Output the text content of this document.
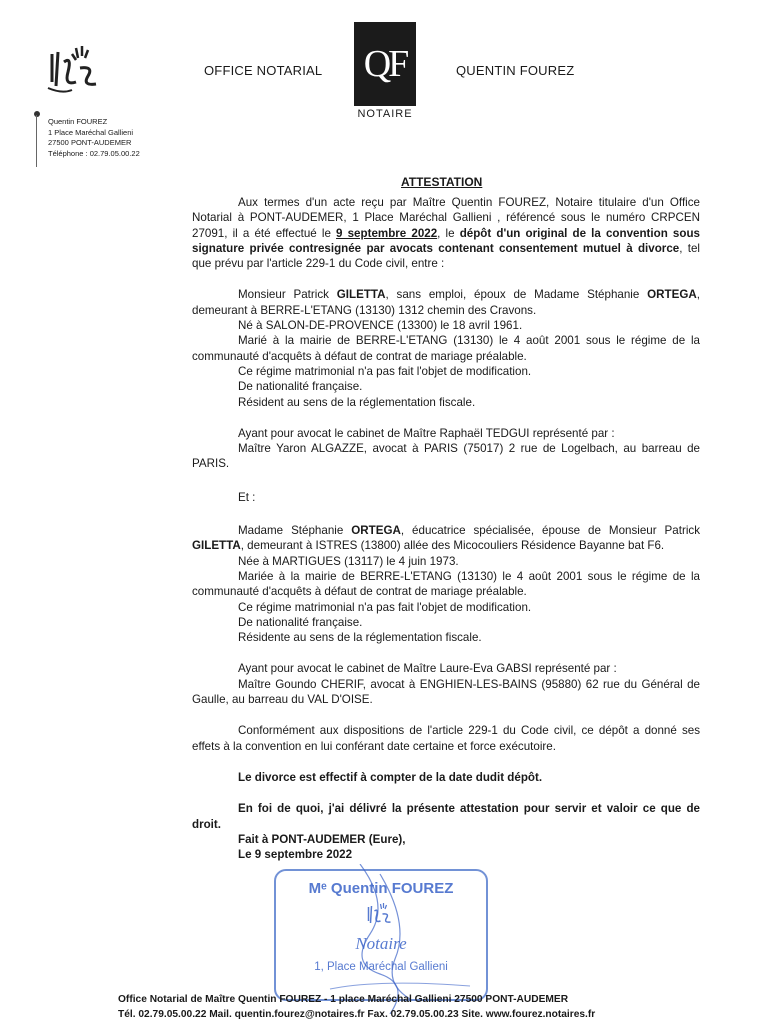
OFFICE NOTARIAL QF
NOTAIRE
QUENTIN FOUREZ
Quentin FOUREZ
1 Place Maréchal Gallieni
27500 PONT-AUDEMER
Téléphone : 02.79.05.00.22
ATTESTATION

Aux termes d'un acte reçu par Maître Quentin FOUREZ, Notaire titulaire d'un Office Notarial à PONT-AUDEMER, 1 Place Maréchal Gallieni , référencé sous le numéro CRPCEN 27091, il a été effectué le 9 septembre 2022, le dépôt d'un original de la convention sous signature privée contresignée par avocats contenant consentement mutuel à divorce, tel que prévu par l'article 229-1 du Code civil, entre :

Monsieur Patrick GILETTA, sans emploi, époux de Madame Stéphanie ORTEGA, demeurant à BERRE-L'ETANG (13130) 1312 chemin des Cravons.

Né à SALON-DE-PROVENCE (13300) le 18 avril 1961.

Marié à la mairie de BERRE-L'ETANG (13130) le 4 août 2001 sous le régime de la communauté d'acquêts à défaut de contrat de mariage préalable.

Ce régime matrimonial n'a pas fait l'objet de modification.

De nationalité française.

Résident au sens de la réglementation fiscale.

Ayant pour avocat le cabinet de Maître Raphaël TEDGUI représenté par :

Maître Yaron ALGAZZE, avocat à PARIS (75017) 2 rue de Logelbach, au barreau de PARIS.

Et :

Madame Stéphanie ORTEGA, éducatrice spécialisée, épouse de Monsieur Patrick GILETTA, demeurant à ISTRES (13800) allée des Micocouliers Résidence Bayanne bat F6.

Née à MARTIGUES (13117) le 4 juin 1973.

Mariée à la mairie de BERRE-L'ETANG (13130) le 4 août 2001 sous le régime de la communauté d'acquêts à défaut de contrat de mariage préalable.

Ce régime matrimonial n'a pas fait l'objet de modification.

De nationalité française.

Résidente au sens de la réglementation fiscale.

Ayant pour avocat le cabinet de Maître Laure-Eva GABSI représenté par :

Maître Goundo CHERIF, avocat à ENGHIEN-LES-BAINS (95880) 62 rue du Général de Gaulle, au barreau du VAL D'OISE.

Conformément aux dispositions de l'article 229-1 du Code civil, ce dépôt a donné ses effets à la convention en lui conférant date certaine et force exécutoire.

Le divorce est effectif à compter de la date dudit dépôt.

En foi de quoi, j'ai délivré la présente attestation pour servir et valoir ce que de droit.

Fait à PONT-AUDEMER (Eure),

Le 9 septembre 2022

Mᵉ Quentin FOUREZ
Notaire
1, Place Maréchal Gallieni
Office Notarial de Maître Quentin FOUREZ - 1 place Maréchal Gallieni 27500 PONT-AUDEMER
Tél. 02.79.05.00.22 Mail. quentin.fourez@notaires.fr Fax. 02.79.05.00.23 Site. www.fourez.notaires.fr
